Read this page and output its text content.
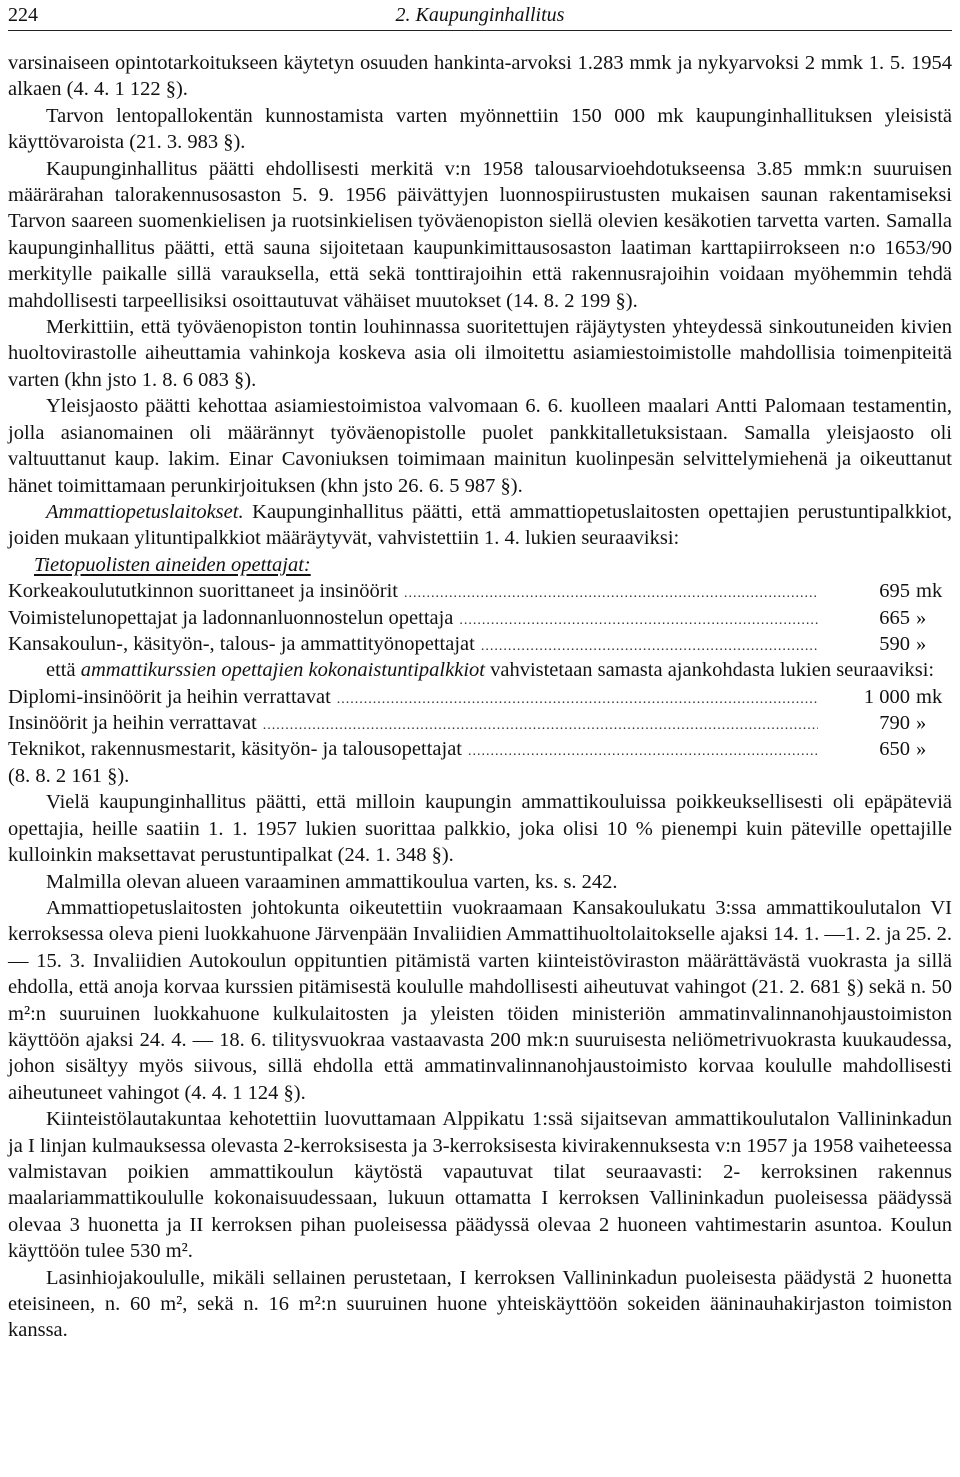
224	2. Kaupunginhallitus

varsinaiseen opintotarkoitukseen käytetyn osuuden hankinta-arvoksi 1.283 mmk ja nykyarvoksi 2 mmk 1. 5. 1954 alkaen (4. 4. 1 122 §).

Tarvon lentopallokentän kunnostamista varten myönnettiin 150 000 mk kaupunginhallituksen yleisistä käyttövaroista (21. 3. 983 §).

Kaupunginhallitus päätti ehdollisesti merkitä v:n 1958 talousarvioehdotukseensa 3.85 mmk:n suuruisen määrärahan talorakennusosaston 5. 9. 1956 päivättyjen luonnospiirustusten mukaisen saunan rakentamiseksi Tarvon saareen suomenkielisen ja ruotsinkielisen työväenopiston siellä olevien kesäkotien tarvetta varten. Samalla kaupunginhallitus päätti, että sauna sijoitetaan kaupunkimittausosaston laatiman karttapiirrokseen n:o 1653/90 merkitylle paikalle sillä varauksella, että sekä tonttirajoihin että rakennusrajoihin voidaan myöhemmin tehdä mahdollisesti tarpeellisiksi osoittautuvat vähäiset muutokset (14. 8. 2 199 §).

Merkittiin, että työväenopiston tontin louhinnassa suoritettujen räjäytysten yhteydessä sinkoutuneiden kivien huoltovirastolle aiheuttamia vahinkoja koskeva asia oli ilmoitettu asiamiestoimistolle mahdollisia toimenpiteitä varten (khn jsto 1. 8. 6 083 §).

Yleisjaosto päätti kehottaa asiamiestoimistoa valvomaan 6. 6. kuolleen maalari Antti Palomaan testamentin, jolla asianomainen oli määrännyt työväenopistolle puolet pankkitalletuksistaan. Samalla yleisjaosto oli valtuuttanut kaup. lakim. Einar Cavoniuksen toimimaan mainitun kuolinpesän selvittelymiehenä ja oikeuttanut hänet toimittamaan perunkirjoituksen (khn jsto 26. 6. 5 987 §).

Ammattiopetuslaitokset. Kaupunginhallitus päätti, että ammattiopetuslaitosten opettajien perustuntipalkkiot, joiden mukaan ylituntipalkkiot määräytyvät, vahvistettiin 1. 4. lukien seuraaviksi:

Tietopuolisten aineiden opettajat:

Korkeakoulututkinnon suorittaneet ja insinöörit .....	695 mk
Voimistelunopettajat ja ladonnanluonnostelun opettaja .....	665 »
Kansakoulun-, käsityön-, talous- ja ammattityönopettajat .....	590 »

että ammattikurssien opettajien kokonaistuntipalkkiot vahvistetaan samasta ajankohdasta lukien seuraaviksi:

Diplomi-insinöörit ja heihin verrattavat .....	1 000 mk
Insinöörit ja heihin verrattavat .....	790 »
Teknikot, rakennusmestarit, käsityön- ja talousopettajat .....	650 »

(8. 8. 2 161 §).

Vielä kaupunginhallitus päätti, että milloin kaupungin ammattikouluissa poikkeuksellisesti oli epäpäteviä opettajia, heille saatiin 1. 1. 1957 lukien suorittaa palkkio, joka olisi 10 % pienempi kuin päteville opettajille kulloinkin maksettavat perustuntipalkat (24. 1. 348 §).

Malmilla olevan alueen varaaminen ammattikoulua varten, ks. s. 242.

Ammattiopetuslaitosten johtokunta oikeutettiin vuokraamaan Kansakoulukatu 3:ssa ammattikoulutalon VI kerroksessa oleva pieni luokkahuone Järvenpään Invaliidien Ammattihuoltolaitokselle ajaksi 14. 1. —1. 2. ja 25. 2. — 15. 3. Invaliidien Autokoulun oppituntien pitämistä varten kiinteistöviraston määrättävästä vuokrasta ja sillä ehdolla, että anoja korvaa kurssien pitämisestä koululle mahdollisesti aiheutuvat vahingot (21. 2. 681 §) sekä n. 50 m²:n suuruinen luokkahuone kulkulaitosten ja yleisten töiden ministeriön ammatinvalinnanohjaustoimiston käyttöön ajaksi 24. 4. — 18. 6. tilitysvuokraa vastaavasta 200 mk:n suuruisesta neliömetrivuokrasta kuukaudessa, johon sisältyy myös siivous, sillä ehdolla että ammatinvalinnanohjaustoimisto korvaa koululle mahdollisesti aiheutuneet vahingot (4. 4. 1 124 §).

Kiinteistölautakuntaa kehotettiin luovuttamaan Alppikatu 1:ssä sijaitsevan ammattikoulutalon Vallininkadun ja I linjan kulmauksessa olevasta 2-kerroksisesta ja 3-kerroksisesta kivirakennuksesta v:n 1957 ja 1958 vaiheteessa valmistavan poikien ammattikoulun käytöstä vapautuvat tilat seuraavasti: 2- kerroksinen rakennus maalariammattikoululle kokonaisuudessaan, lukuun ottamatta I kerroksen Vallininkadun puoleisessa päädyssä olevaa 3 huonetta ja II kerroksen pihan puoleisessa päädyssä olevaa 2 huoneen vahtimestarin asuntoa. Koulun käyttöön tulee 530 m².

Lasinhiojakoululle, mikäli sellainen perustetaan, I kerroksen Vallininkadun puoleisesta päädystä 2 huonetta eteisineen, n. 60 m², sekä n. 16 m²:n suuruinen huone yhteiskäyttöön sokeiden ääninauhakirjaston toimiston kanssa.
